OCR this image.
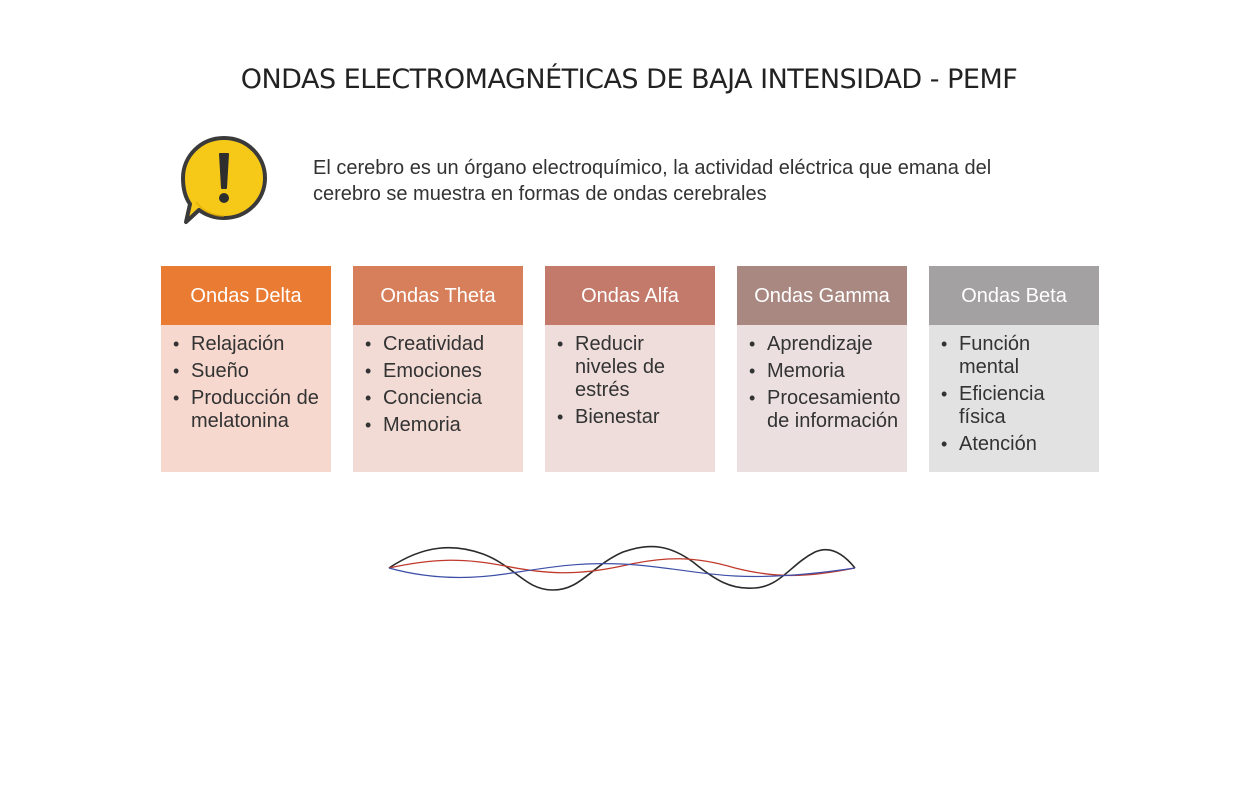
ONDAS ELECTROMAGNÉTICAS DE BAJA INTENSIDAD - PEMF

El cerebro es un órgano electroquímico, la actividad eléctrica que emana del
cerebro se muestra en formas de ondas cerebrales

Ondas Delta
• Relajación
• Sueño
• Producción de melatonina
Ondas Theta
• Creatividad
• Emociones
• Conciencia
• Memoria
Ondas Alfa
• Reducir niveles de estrés
• Bienestar
Ondas Gamma
• Aprendizaje
• Memoria
• Procesamiento de información
Ondas Beta
• Función mental
• Eficiencia física
• Atención
